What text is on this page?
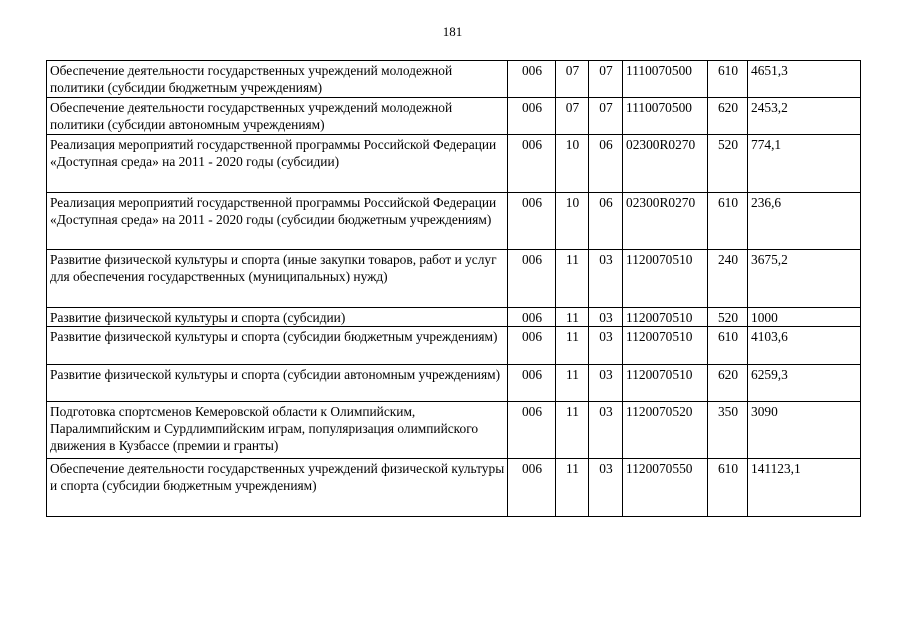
181
Обеспечение деятельности государственных учреждений молодежной политики (субсидии бюджетным учреждениям)	006	07	07	1110070500	610	4651,3
Обеспечение деятельности государственных учреждений молодежной политики (субсидии автономным учреждениям)	006	07	07	1110070500	620	2453,2
Реализация мероприятий государственной программы Российской Федерации «Доступная среда» на 2011 - 2020 годы (субсидии)	006	10	06	02300R0270	520	774,1
Реализация мероприятий государственной программы Российской Федерации «Доступная среда» на 2011 - 2020 годы (субсидии бюджетным учреждениям)	006	10	06	02300R0270	610	236,6
Развитие физической культуры и спорта (иные закупки товаров, работ и услуг для обеспечения государственных (муниципальных) нужд)	006	11	03	1120070510	240	3675,2
Развитие физической культуры и спорта (субсидии)	006	11	03	1120070510	520	1000
Развитие физической культуры и спорта (субсидии бюджетным учреждениям)	006	11	03	1120070510	610	4103,6
Развитие физической культуры и спорта (субсидии автономным учреждениям)	006	11	03	1120070510	620	6259,3
Подготовка спортсменов Кемеровской области к Олимпийским, Паралимпийским и Сурдлимпийским играм, популяризация олимпийского движения в Кузбассе (премии и гранты)	006	11	03	1120070520	350	3090
Обеспечение деятельности государственных учреждений физической культуры и спорта (субсидии бюджетным учреждениям)	006	11	03	1120070550	610	141123,1
